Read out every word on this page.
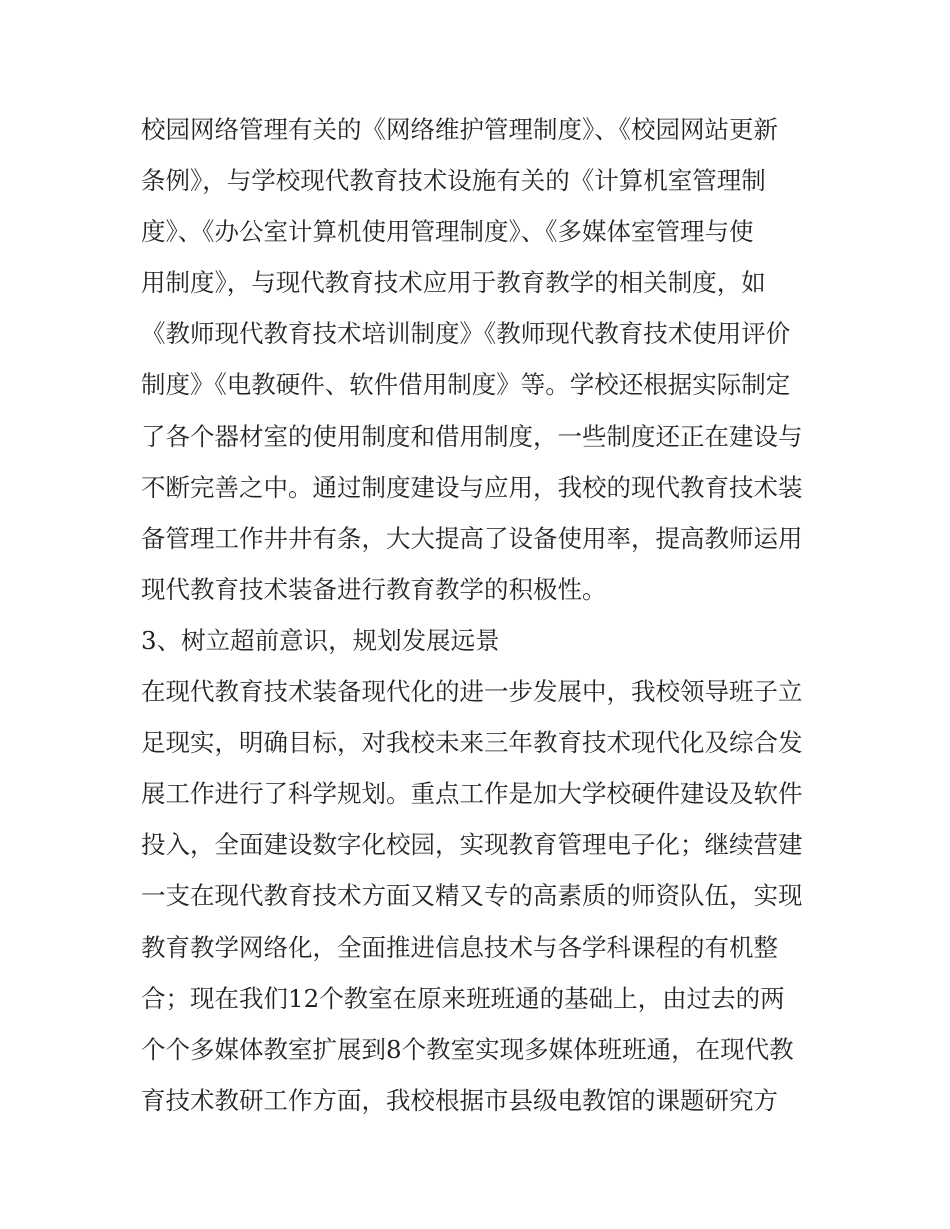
校园网络管理有关的《网络维护管理制度》、《校园网站更新
条例》，与学校现代教育技术设施有关的《计算机室管理制
度》、《办公室计算机使用管理制度》、《多媒体室管理与使
用制度》，与现代教育技术应用于教育教学的相关制度，如
《教师现代教育技术培训制度》《教师现代教育技术使用评价
制度》《电教硬件、软件借用制度》等。学校还根据实际制定
了各个器材室的使用制度和借用制度，一些制度还正在建设与
不断完善之中。通过制度建设与应用，我校的现代教育技术装
备管理工作井井有条，大大提高了设备使用率，提高教师运用
现代教育技术装备进行教育教学的积极性。
3、树立超前意识，规划发展远景
在现代教育技术装备现代化的进一步发展中，我校领导班子立
足现实，明确目标，对我校未来三年教育技术现代化及综合发
展工作进行了科学规划。重点工作是加大学校硬件建设及软件
投入，全面建设数字化校园，实现教育管理电子化；继续营建
一支在现代教育技术方面又精又专的高素质的师资队伍，实现
教育教学网络化，全面推进信息技术与各学科课程的有机整
合；现在我们12个教室在原来班班通的基础上，由过去的两
个个多媒体教室扩展到8个教室实现多媒体班班通，在现代教
育技术教研工作方面，我校根据市县级电教馆的课题研究方
